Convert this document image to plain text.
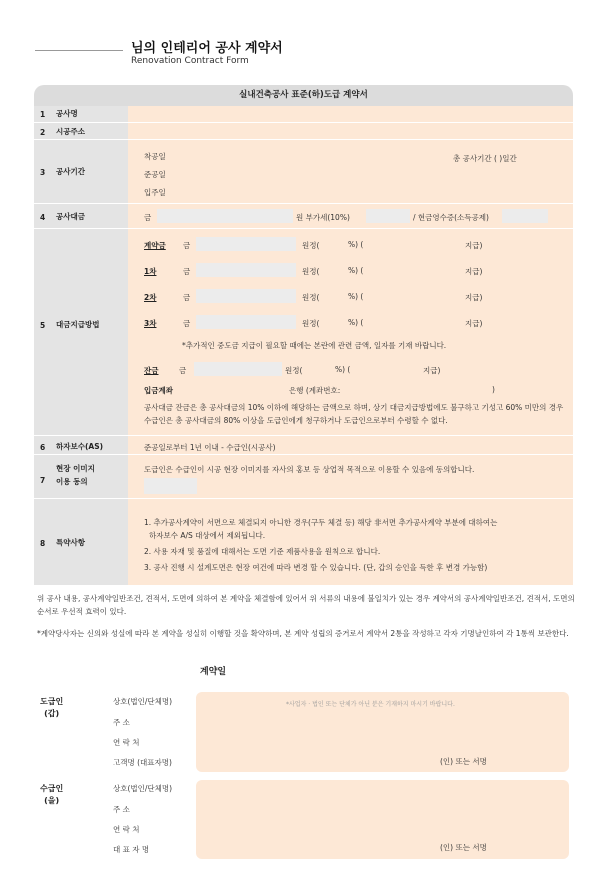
님의 인테리어 공사 계약서
Renovation Contract Form
실내건축공사 표준(하)도급 계약서
1 공사명
2 시공주소
3 공사기간
착공일
준공일
입주일
총 공사기간 ( )일간
4 공사대금	금	원 부가세(10%)	/ 현금영수증(소득공제)
5 대금지급방법
계약금 금	원정(	%) (	지급)
1차	금	원정(	%) (	지급)
2차	금	원정(	%) (	지급)
3차	금	원정(	%) (	지급)
*추가적인 중도금 지급이 필요할 때에는 본란에 관련 금액, 일자를 기재 바랍니다.
잔금	금	원정(	%) (	지급)
입금계좌	은행 (계좌번호:	)
공사대금 잔금은 총 공사대금의 10% 이하에 해당하는 금액으로 하며, 상기 대금지급방법에도 불구하고 기성고 60% 미만의 경우 수급인은 총 공사대금의 80% 이상을 도급인에게 청구하거나 도급인으로부터 수령할 수 없다.
6 하자보수(AS)	준공일로부터 1년 이내 - 수급인(시공사)
7
현장 이미지
이용 동의
도급인은 수급인이 시공 현장 이미지를 자사의 홍보 등 상업적 목적으로 이용할 수 있음에 동의합니다.
8 특약사항
1. 추가공사계약이 서면으로 체결되지 아니한 경우(구두 체결 등) 해당 非서면 추가공사계약 부분에 대하여는
하자보수 A/S 대상에서 제외됩니다.
2. 사용 자재 및 품질에 대해서는 도면 기준 제품사용을 원칙으로 합니다.
3. 공사 진행 시 설계도면은 현장 여건에 따라 변경 할 수 있습니다. (단, 갑의 승인을 득한 후 변경 가능함)
위 공사 내용, 공사계약일반조건, 견적서, 도면에 의하여 본 계약을 체결함에 있어서 위 서류의 내용에 불일치가 있는 경우 계약서의 공사계약일반조건, 견적서, 도면의 순서로 우선적 효력이 있다.
*계약당사자는 신의와 성실에 따라 본 계약을 성실히 이행할 것을 확약하며, 본 계약 성립의 증거로서 계약서 2통을 작성하고 각자 기명날인하여 각 1통씩 보관한다.
계약일
도급인
(갑)
상호(법인/단체명)
주 소
연 락 처
고객명 (대표자명)
*사업자 · 법인 또는 단체가 아닌 분은 기재하지 마시기 바랍니다.
(인) 또는 서명
수급인
(을)
상호(법인/단체명)
주 소
연 락 처
대 표 자 명	(인) 또는 서명
